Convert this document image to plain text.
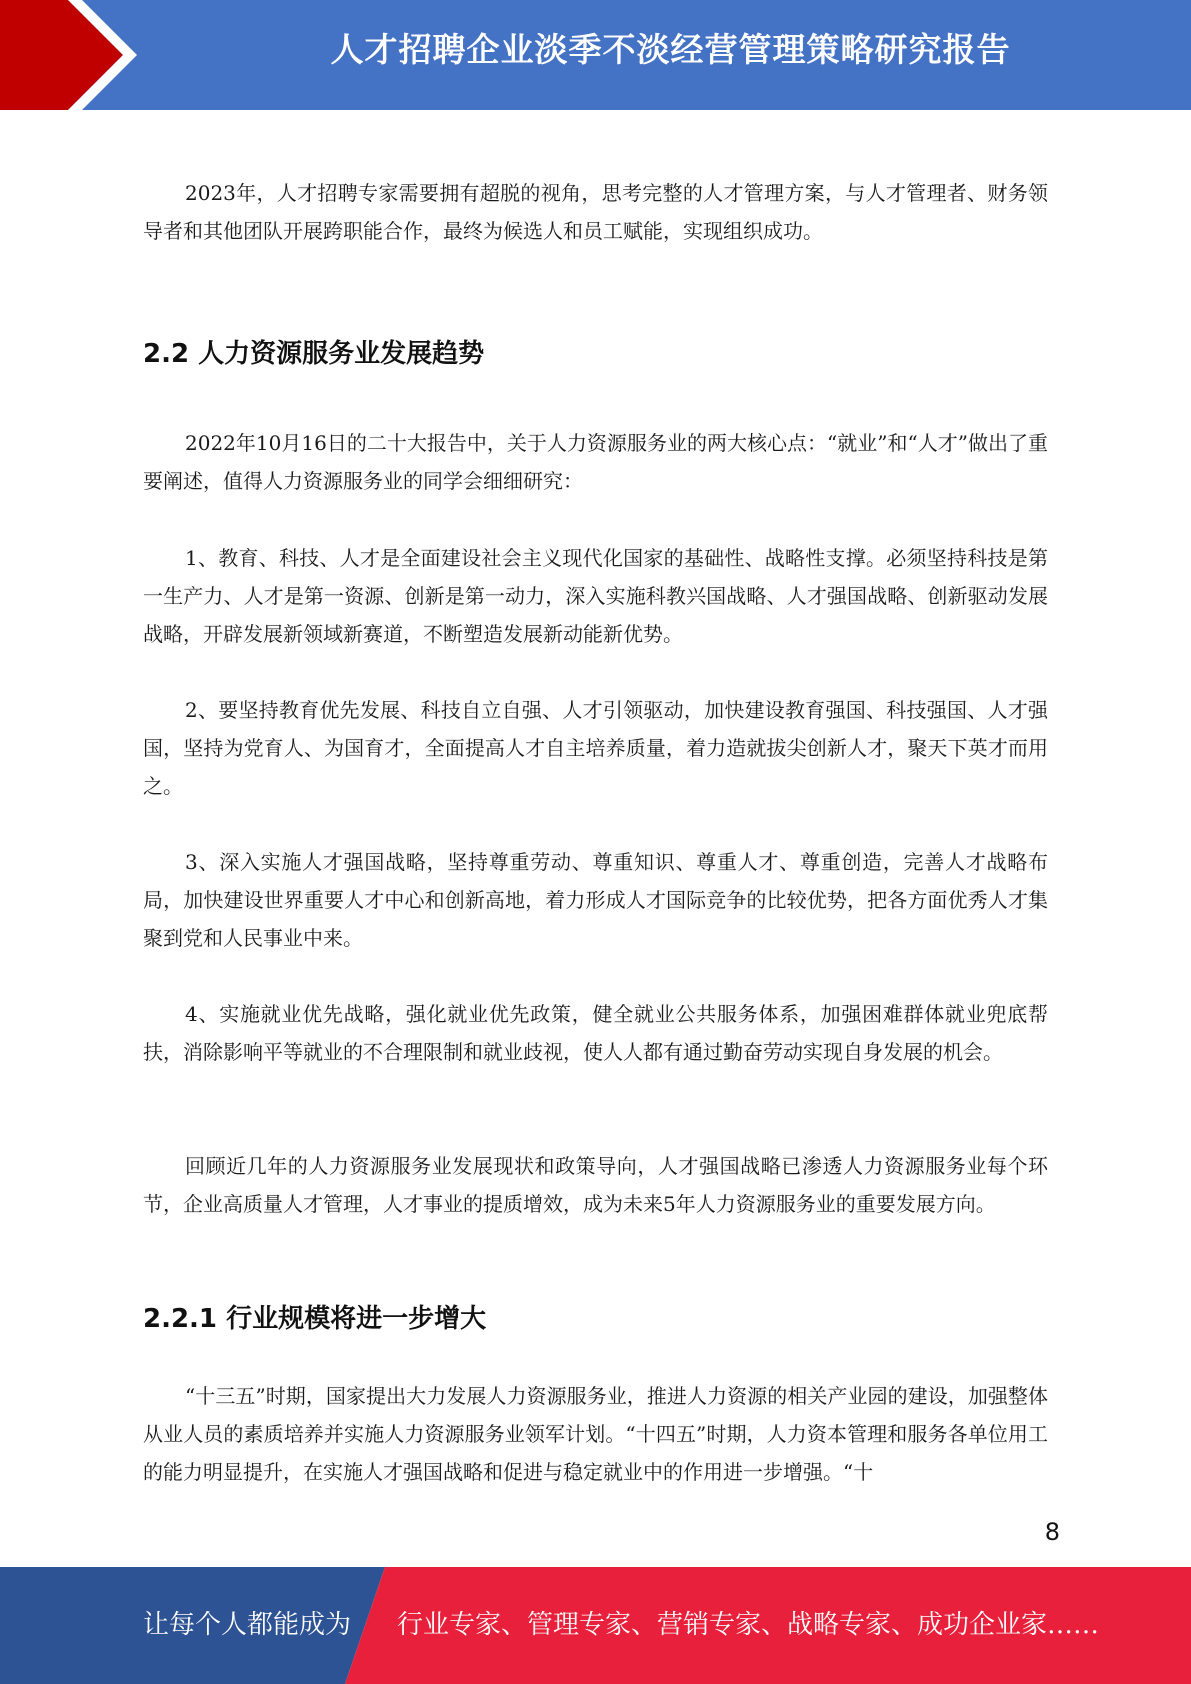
人才招聘企业淡季不淡经营管理策略研究报告

2023年，人才招聘专家需要拥有超脱的视角，思考完整的人才管理方案，与人才管理者、财务领导者和其他团队开展跨职能合作，最终为候选人和员工赋能，实现组织成功。

2.2 人力资源服务业发展趋势

2022年10月16日的二十大报告中，关于人力资源服务业的两大核心点：“就业”和“人才”做出了重要阐述，值得人力资源服务业的同学会细细研究：

1、教育、科技、人才是全面建设社会主义现代化国家的基础性、战略性支撑。必须坚持科技是第一生产力、人才是第一资源、创新是第一动力，深入实施科教兴国战略、人才强国战略、创新驱动发展战略，开辟发展新领域新赛道，不断塑造发展新动能新优势。

2、要坚持教育优先发展、科技自立自强、人才引领驱动，加快建设教育强国、科技强国、人才强国，坚持为党育人、为国育才，全面提高人才自主培养质量，着力造就拔尖创新人才，聚天下英才而用之。

3、深入实施人才强国战略，坚持尊重劳动、尊重知识、尊重人才、尊重创造，完善人才战略布局，加快建设世界重要人才中心和创新高地，着力形成人才国际竞争的比较优势，把各方面优秀人才集聚到党和人民事业中来。

4、实施就业优先战略，强化就业优先政策，健全就业公共服务体系，加强困难群体就业兜底帮扶，消除影响平等就业的不合理限制和就业歧视，使人人都有通过勤奋劳动实现自身发展的机会。

回顾近几年的人力资源服务业发展现状和政策导向，人才强国战略已渗透人力资源服务业每个环节，企业高质量人才管理，人才事业的提质增效，成为未来5年人力资源服务业的重要发展方向。

2.2.1 行业规模将进一步增大

“十三五”时期，国家提出大力发展人力资源服务业，推进人力资源的相关产业园的建设，加强整体从业人员的素质培养并实施人力资源服务业领军计划。“十四五”时期，人力资本管理和服务各单位用工的能力明显提升，在实施人才强国战略和促进与稳定就业中的作用进一步增强。“十

8
让每个人都能成为 行业专家、管理专家、营销专家、战略专家、成功企业家……
